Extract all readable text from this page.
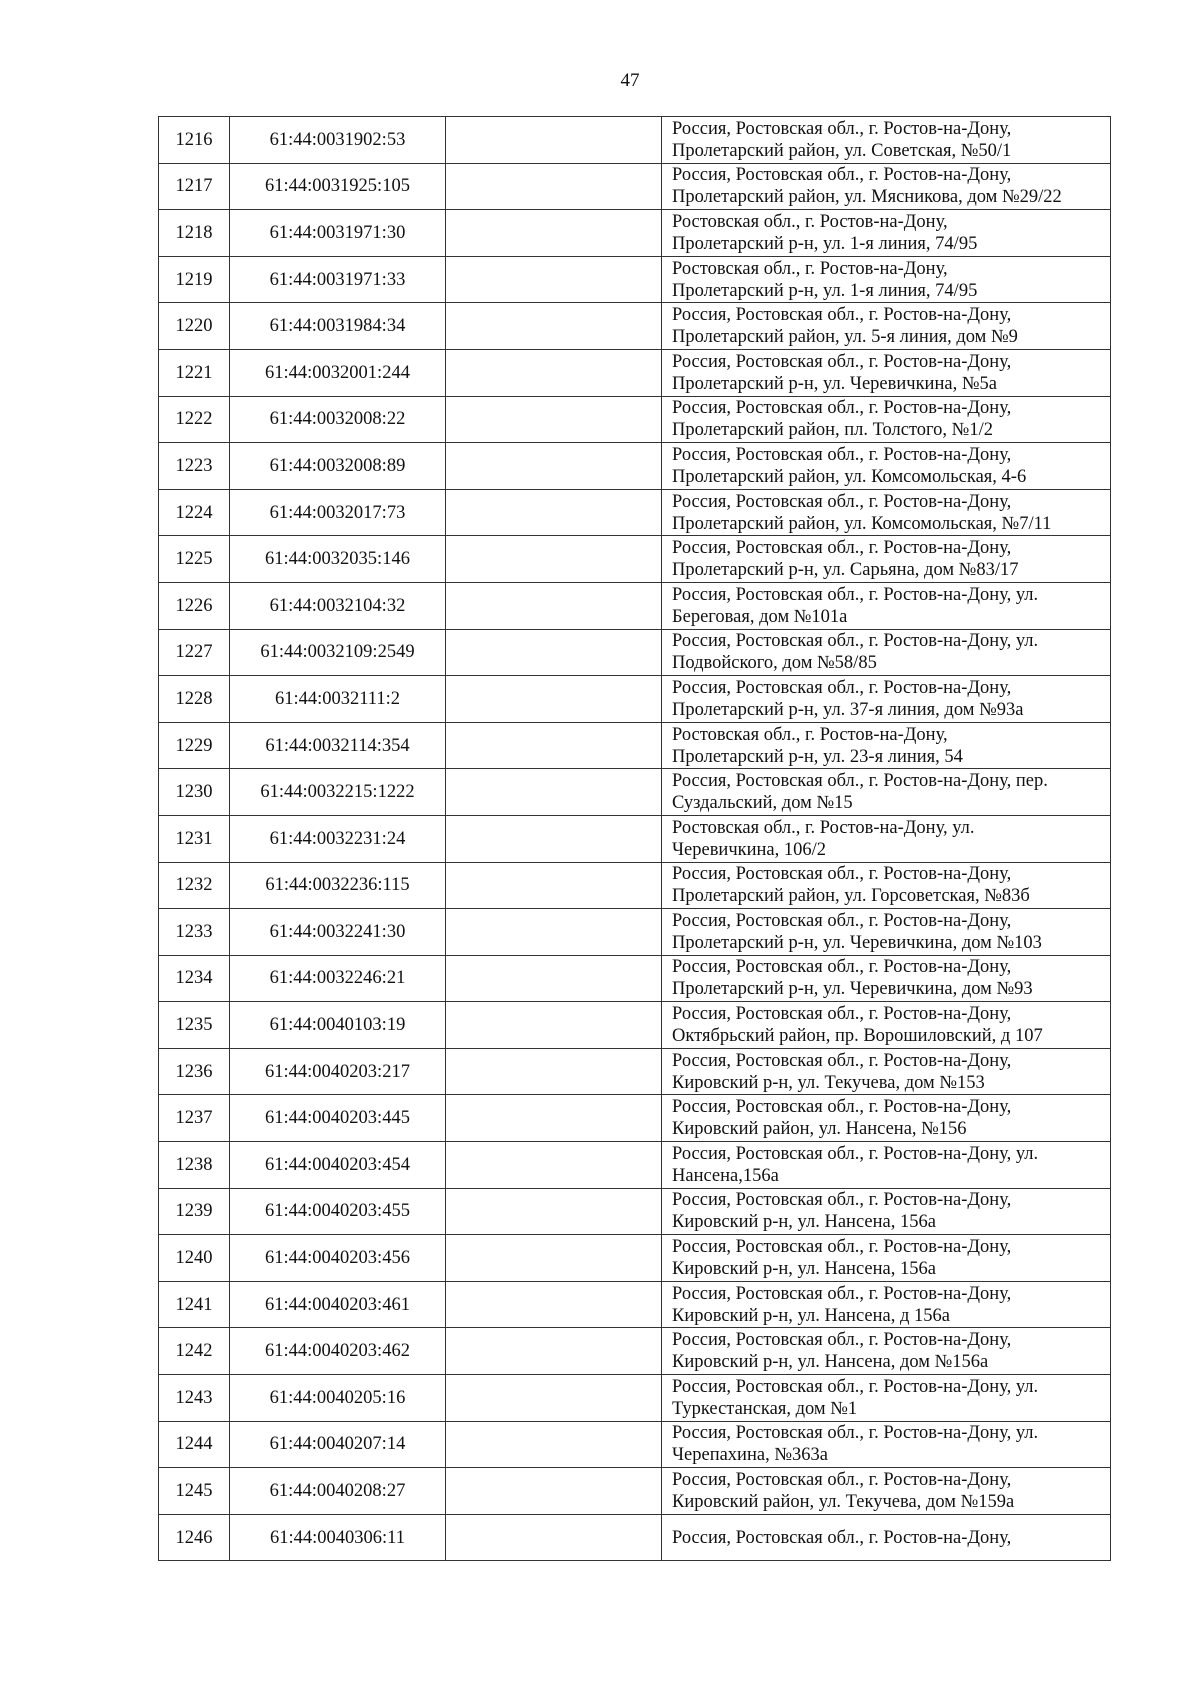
47
1216	61:44:0031902:53		Россия, Ростовская обл., г. Ростов-на-Дону,
Пролетарский район, ул. Советская, №50/1
1217	61:44:0031925:105		Россия, Ростовская обл., г. Ростов-на-Дону,
Пролетарский район, ул. Мясникова, дом №29/22
1218	61:44:0031971:30		Ростовская обл., г. Ростов-на-Дону,
Пролетарский р-н, ул. 1-я линия, 74/95
1219	61:44:0031971:33		Ростовская обл., г. Ростов-на-Дону,
Пролетарский р-н, ул. 1-я линия, 74/95
1220	61:44:0031984:34		Россия, Ростовская обл., г. Ростов-на-Дону,
Пролетарский район, ул. 5-я линия, дом №9
1221	61:44:0032001:244		Россия, Ростовская обл., г. Ростов-на-Дону,
Пролетарский р-н, ул. Черевичкина, №5а
1222	61:44:0032008:22		Россия, Ростовская обл., г. Ростов-на-Дону,
Пролетарский район, пл. Толстого, №1/2
1223	61:44:0032008:89		Россия, Ростовская обл., г. Ростов-на-Дону,
Пролетарский район, ул. Комсомольская, 4-6
1224	61:44:0032017:73		Россия, Ростовская обл., г. Ростов-на-Дону,
Пролетарский район, ул. Комсомольская, №7/11
1225	61:44:0032035:146		Россия, Ростовская обл., г. Ростов-на-Дону,
Пролетарский р-н, ул. Сарьяна, дом №83/17
1226	61:44:0032104:32		Россия, Ростовская обл., г. Ростов-на-Дону, ул.
Береговая, дом №101а
1227	61:44:0032109:2549		Россия, Ростовская обл., г. Ростов-на-Дону, ул.
Подвойского, дом №58/85
1228	61:44:0032111:2		Россия, Ростовская обл., г. Ростов-на-Дону,
Пролетарский р-н, ул. 37-я линия, дом №93а
1229	61:44:0032114:354		Ростовская обл., г. Ростов-на-Дону,
Пролетарский р-н, ул. 23-я линия, 54
1230	61:44:0032215:1222		Россия, Ростовская обл., г. Ростов-на-Дону, пер.
Суздальский, дом №15
1231	61:44:0032231:24		Ростовская обл., г. Ростов-на-Дону, ул.
Черевичкина, 106/2
1232	61:44:0032236:115		Россия, Ростовская обл., г. Ростов-на-Дону,
Пролетарский район, ул. Горсоветская, №83б
1233	61:44:0032241:30		Россия, Ростовская обл., г. Ростов-на-Дону,
Пролетарский р-н, ул. Черевичкина, дом №103
1234	61:44:0032246:21		Россия, Ростовская обл., г. Ростов-на-Дону,
Пролетарский р-н, ул. Черевичкина, дом №93
1235	61:44:0040103:19		Россия, Ростовская обл., г. Ростов-на-Дону,
Октябрьский район, пр. Ворошиловский, д 107
1236	61:44:0040203:217		Россия, Ростовская обл., г. Ростов-на-Дону,
Кировский р-н, ул. Текучева, дом №153
1237	61:44:0040203:445		Россия, Ростовская обл., г. Ростов-на-Дону,
Кировский район, ул. Нансена, №156
1238	61:44:0040203:454		Россия, Ростовская обл., г. Ростов-на-Дону, ул.
Нансена,156а
1239	61:44:0040203:455		Россия, Ростовская обл., г. Ростов-на-Дону,
Кировский р-н, ул. Нансена, 156а
1240	61:44:0040203:456		Россия, Ростовская обл., г. Ростов-на-Дону,
Кировский р-н, ул. Нансена, 156а
1241	61:44:0040203:461		Россия, Ростовская обл., г. Ростов-на-Дону,
Кировский р-н, ул. Нансена, д 156а
1242	61:44:0040203:462		Россия, Ростовская обл., г. Ростов-на-Дону,
Кировский р-н, ул. Нансена, дом №156а
1243	61:44:0040205:16		Россия, Ростовская обл., г. Ростов-на-Дону, ул.
Туркестанская, дом №1
1244	61:44:0040207:14		Россия, Ростовская обл., г. Ростов-на-Дону, ул.
Черепахина, №363а
1245	61:44:0040208:27		Россия, Ростовская обл., г. Ростов-на-Дону,
Кировский район, ул. Текучева, дом №159а
1246	61:44:0040306:11		Россия, Ростовская обл., г. Ростов-на-Дону,
